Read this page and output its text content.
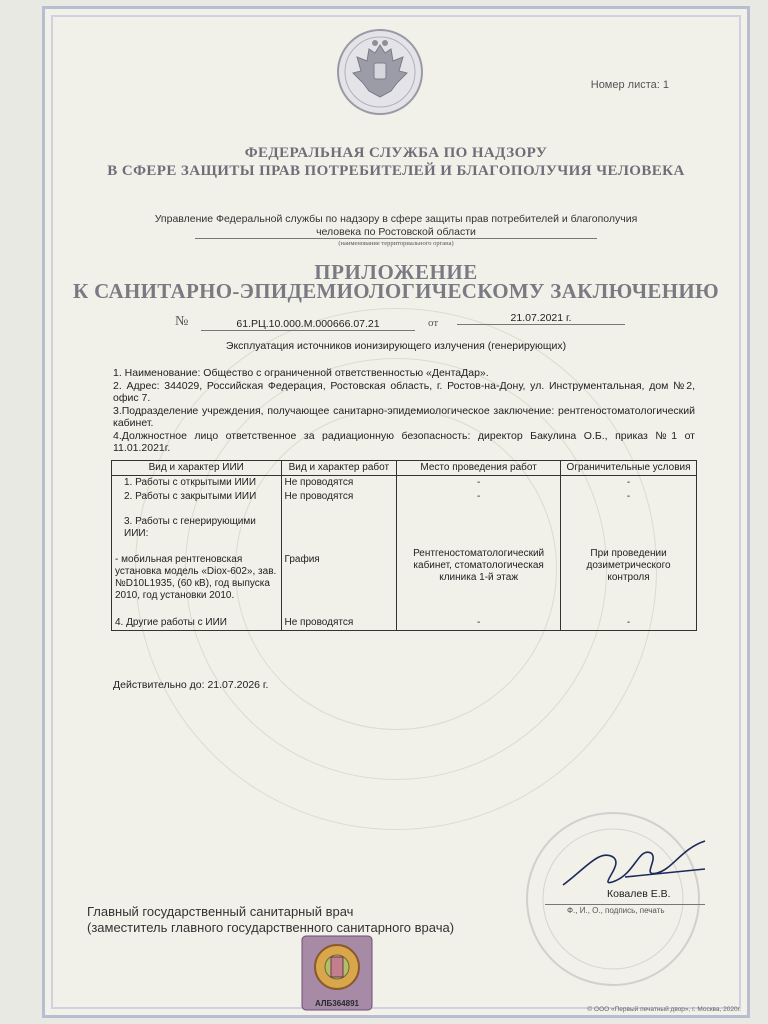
Номер листа: 1
ФЕДЕРАЛЬНАЯ СЛУЖБА ПО НАДЗОРУ
В СФЕРЕ ЗАЩИТЫ ПРАВ ПОТРЕБИТЕЛЕЙ И БЛАГОПОЛУЧИЯ ЧЕЛОВЕКА
Управление Федеральной службы по надзору в сфере защиты прав потребителей и благополучия
человека по Ростовской области
(наименование территориального органа)
ПРИЛОЖЕНИЕ
К САНИТАРНО-ЭПИДЕМИОЛОГИЧЕСКОМУ ЗАКЛЮЧЕНИЮ
№	61.РЦ.10.000.М.000666.07.21	от	21.07.2021 г.
Эксплуатация источников ионизирующего излучения (генерирующих)

1. Наименование: Общество с ограниченной ответственностью «ДентаДар».

2. Адрес: 344029, Российская Федерация, Ростовская область, г. Ростов-на-Дону, ул. Инструментальная, дом №2, офис 7.

3.Подразделение учреждения, получающее санитарно-эпидемиологическое заключение: рентгеностоматологический кабинет.

4.Должностное лицо ответственное за радиационную безопасность: директор Бакулина О.Б., приказ №1 от 11.01.2021г.

Вид и характер ИИИ	Вид и характер работ	Место проведения работ	Ограничительные условия
1. Работы с открытыми ИИИ	Не проводятся	-	-
2. Работы с закрытыми ИИИ	Не проводятся	-	-
3. Работы с генерирующими ИИИ:			
- мобильная рентгеновская установка модель «Diox-602», зав.№D10L1935, (60 кВ), год выпуска 2010, год установки 2010.	Графия	Рентгеностоматологический кабинет, стоматологическая клиника 1-й этаж	При проведении дозиметрического контроля
4. Другие работы с ИИИ	Не проводятся	-	-
Действительно до: 21.07.2026 г.
Главный государственный санитарный врач
(заместитель главного государственного санитарного врача)
Ковалев Е.В.
Ф., И., О., подпись, печать
АЛБ364891
© ООО «Первый печатный двор», г. Москва, 2020г.
